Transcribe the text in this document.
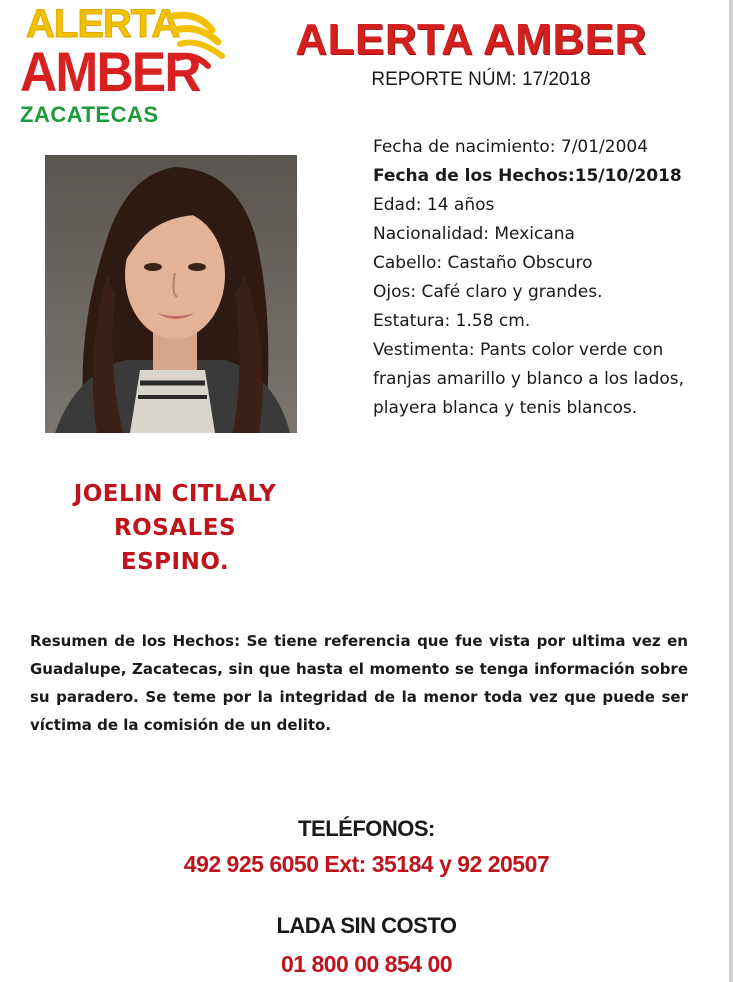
ALERTA
AMBER
ZACATECAS
ALERTA AMBER
REPORTE NÚM: 17/2018
Fecha de nacimiento: 7/01/2004
Fecha de los Hechos:15/10/2018
Edad: 14 años
Nacionalidad: Mexicana
Cabello: Castaño Obscuro
Ojos: Café claro y grandes.
Estatura: 1.58 cm.
Vestimenta: Pants color verde con franjas amarillo y blanco a los lados, playera blanca y tenis blancos.
JOELIN CITLALY
ROSALES
ESPINO.
Resumen de los Hechos: Se tiene referencia que fue vista por ultima vez en Guadalupe, Zacatecas, sin que hasta el momento se tenga información sobre su paradero. Se teme por la integridad de la menor toda vez que puede ser víctima de la comisión de un delito.
TELÉFONOS:
492 925 6050 Ext: 35184 y 92 20507
LADA SIN COSTO
01 800 00 854 00
